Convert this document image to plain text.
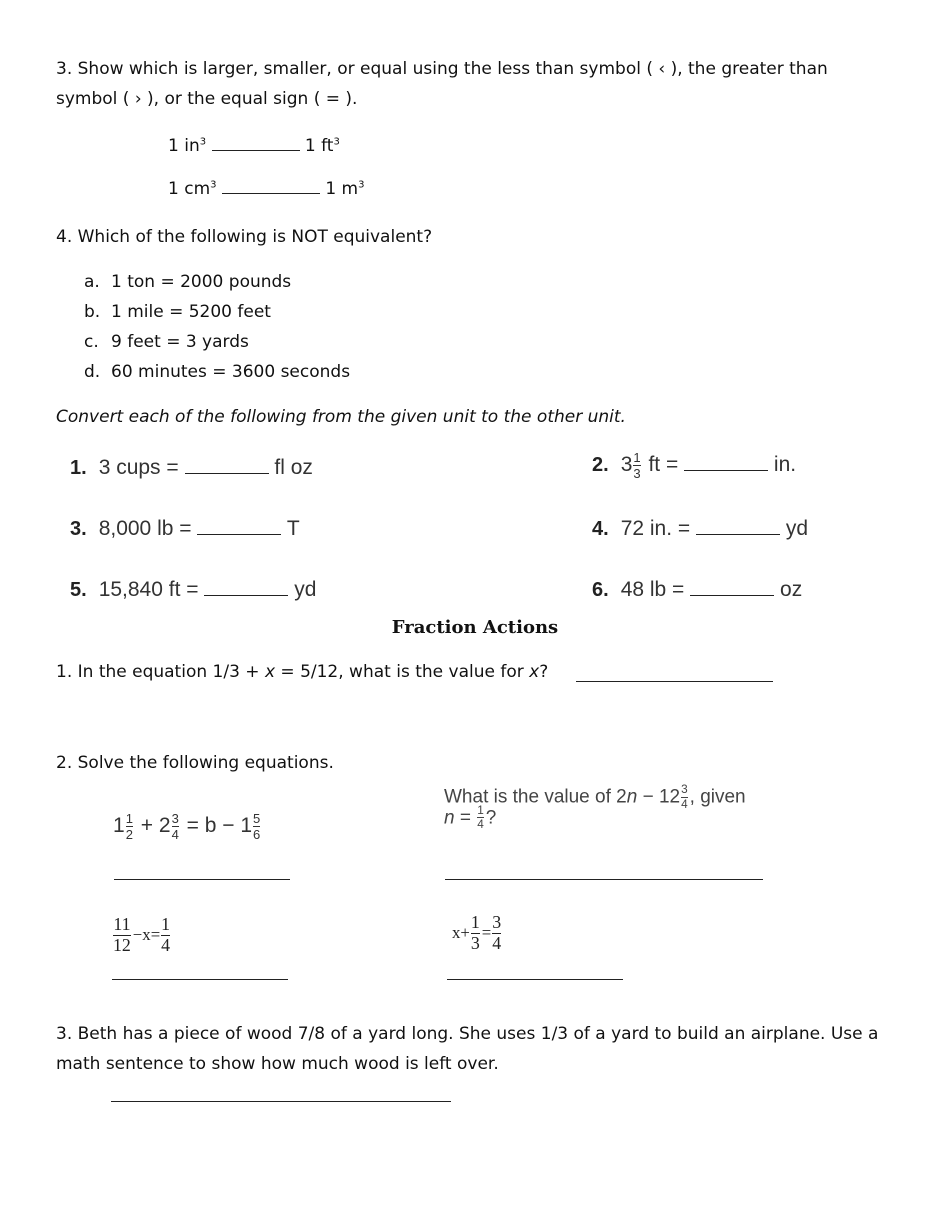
3. Show which is larger, smaller, or equal using the less than symbol ( ‹ ), the greater than
symbol ( › ), or the equal sign ( = ).
1 $in^3$	1 $ft^3$
1 $cm^3$	1 $m^3$
4. Which of the following is NOT equivalent?
a. 1 ton = 2000 pounds
b. 1 mile = 5200 feet
c. 9 feet = 3 yards
d. 60 minutes = 3600 seconds
Convert each of the following from the given unit to the other unit.
1. 3 cups =	fl oz	2. $3 \frac{1}{3}$ ft =	in.
3. 8,000 lb =	T	4. 72 in. =	yd
5. 15,840 ft =	yd	6. 48 lb =	oz
Fraction Actions
1. In the equation 1/3 + x = 5/12, what is the value for x?
2. Solve the following equations.
$1 \frac{1}{2} + 2 \frac{3}{4} = b - 1 \frac{5}{6}$
What is the value of $2n - 12 \frac{3}{4}$ , given
$n = \frac{1}{4}$ ?
$\frac{11}{12} -x= \frac{1}{4}$	$x+ \frac{1}{3} = \frac{3}{4}$
3. Beth has a piece of wood 7/8 of a yard long. She uses 1/3 of a yard to build an airplane. Use a
math sentence to show how much wood is left over.
